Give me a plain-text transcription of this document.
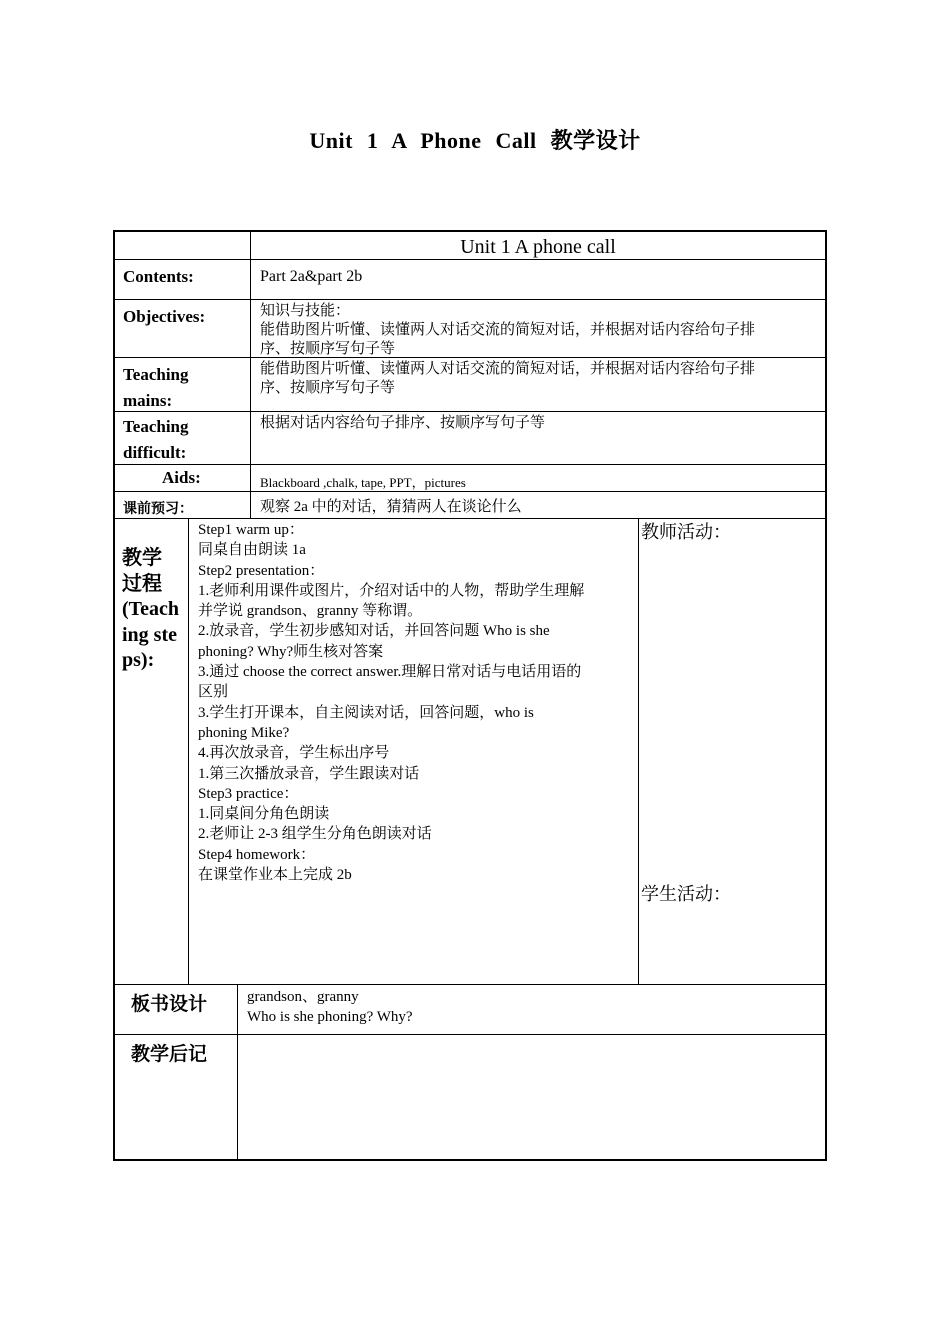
Unit 1 A Phone Call 教学设计
Unit 1 A phone call
Contents:	Part 2a&part 2b
Objectives:	知识与技能：
能借助图片听懂、读懂两人对话交流的简短对话，并根据对话内容给句子排
序、按顺序写句子等
Teaching
mains:
能借助图片听懂、读懂两人对话交流的简短对话，并根据对话内容给句子排
序、按顺序写句子等
Teaching
difficult:
根据对话内容给句子排序、按顺序写句子等
Aids:	Blackboard ,chalk, tape, PPT，pictures
课前预习：	观察 2a 中的对话，猜猜两人在谈论什么
教学过程(Teaching steps):
Step1 warm up：
同桌自由朗读 1a
Step2 presentation：
1.老师利用课件或图片，介绍对话中的人物，帮助学生理解
并学说 grandson、granny 等称谓。
2.放录音，学生初步感知对话，并回答问题 Who is she
phoning? Why?师生核对答案
3.通过 choose the correct answer.理解日常对话与电话用语的
区别
3.学生打开课本，自主阅读对话，回答问题，who is
phoning Mike?
4.再次放录音，学生标出序号
1.第三次播放录音，学生跟读对话
Step3 practice：
1.同桌间分角色朗读
2.老师让 2-3 组学生分角色朗读对话
Step4 homework：
在课堂作业本上完成 2b
教师活动：
学生活动：
板书设计	grandson、granny
Who is she phoning? Why?
教学后记
